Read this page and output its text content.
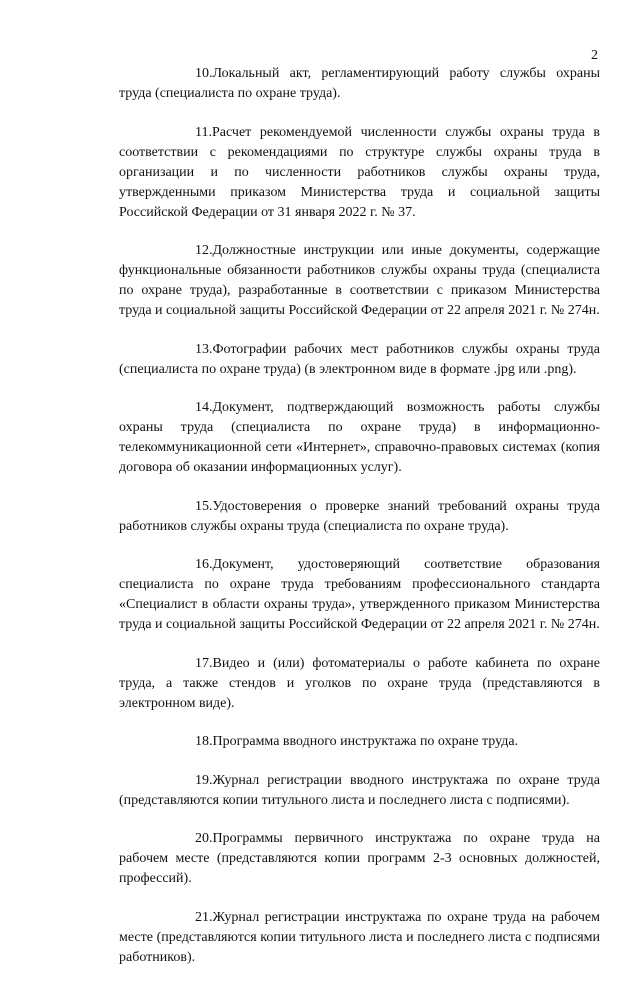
2

10.Локальный акт, регламентирующий работу службы охраны труда (специалиста по охране труда).

11.Расчет рекомендуемой численности службы охраны труда в соответствии с рекомендациями по структуре службы охраны труда в организации и по численности работников службы охраны труда, утвержденными приказом Министерства труда и социальной защиты Российской Федерации от 31 января 2022 г. № 37.

12.Должностные инструкции или иные документы, содержащие функциональные обязанности работников службы охраны труда (специалиста по охране труда), разработанные в соответствии с приказом Министерства труда и социальной защиты Российской Федерации от 22 апреля 2021 г. № 274н.

13.Фотографии рабочих мест работников службы охраны труда (специалиста по охране труда) (в электронном виде в формате .jpg или .png).

14.Документ, подтверждающий возможность работы службы охраны труда (специалиста по охране труда) в информационно-телекоммуникационной сети «Интернет», справочно-правовых системах (копия договора об оказании информационных услуг).

15.Удостоверения о проверке знаний требований охраны труда работников службы охраны труда (специалиста по охране труда).

16.Документ, удостоверяющий соответствие образования специалиста по охране труда требованиям профессионального стандарта «Специалист в области охраны труда», утвержденного приказом Министерства труда и социальной защиты Российской Федерации от 22 апреля 2021 г. № 274н.

17.Видео и (или) фотоматериалы о работе кабинета по охране труда, а также стендов и уголков по охране труда (представляются в электронном виде).

18.Программа вводного инструктажа по охране труда.

19.Журнал регистрации вводного инструктажа по охране труда (представляются копии титульного листа и последнего листа с подписями).

20.Программы первичного инструктажа по охране труда на рабочем месте (представляются копии программ 2-3 основных должностей, профессий).

21.Журнал регистрации инструктажа по охране труда на рабочем месте (представляются копии титульного листа и последнего листа с подписями работников).
